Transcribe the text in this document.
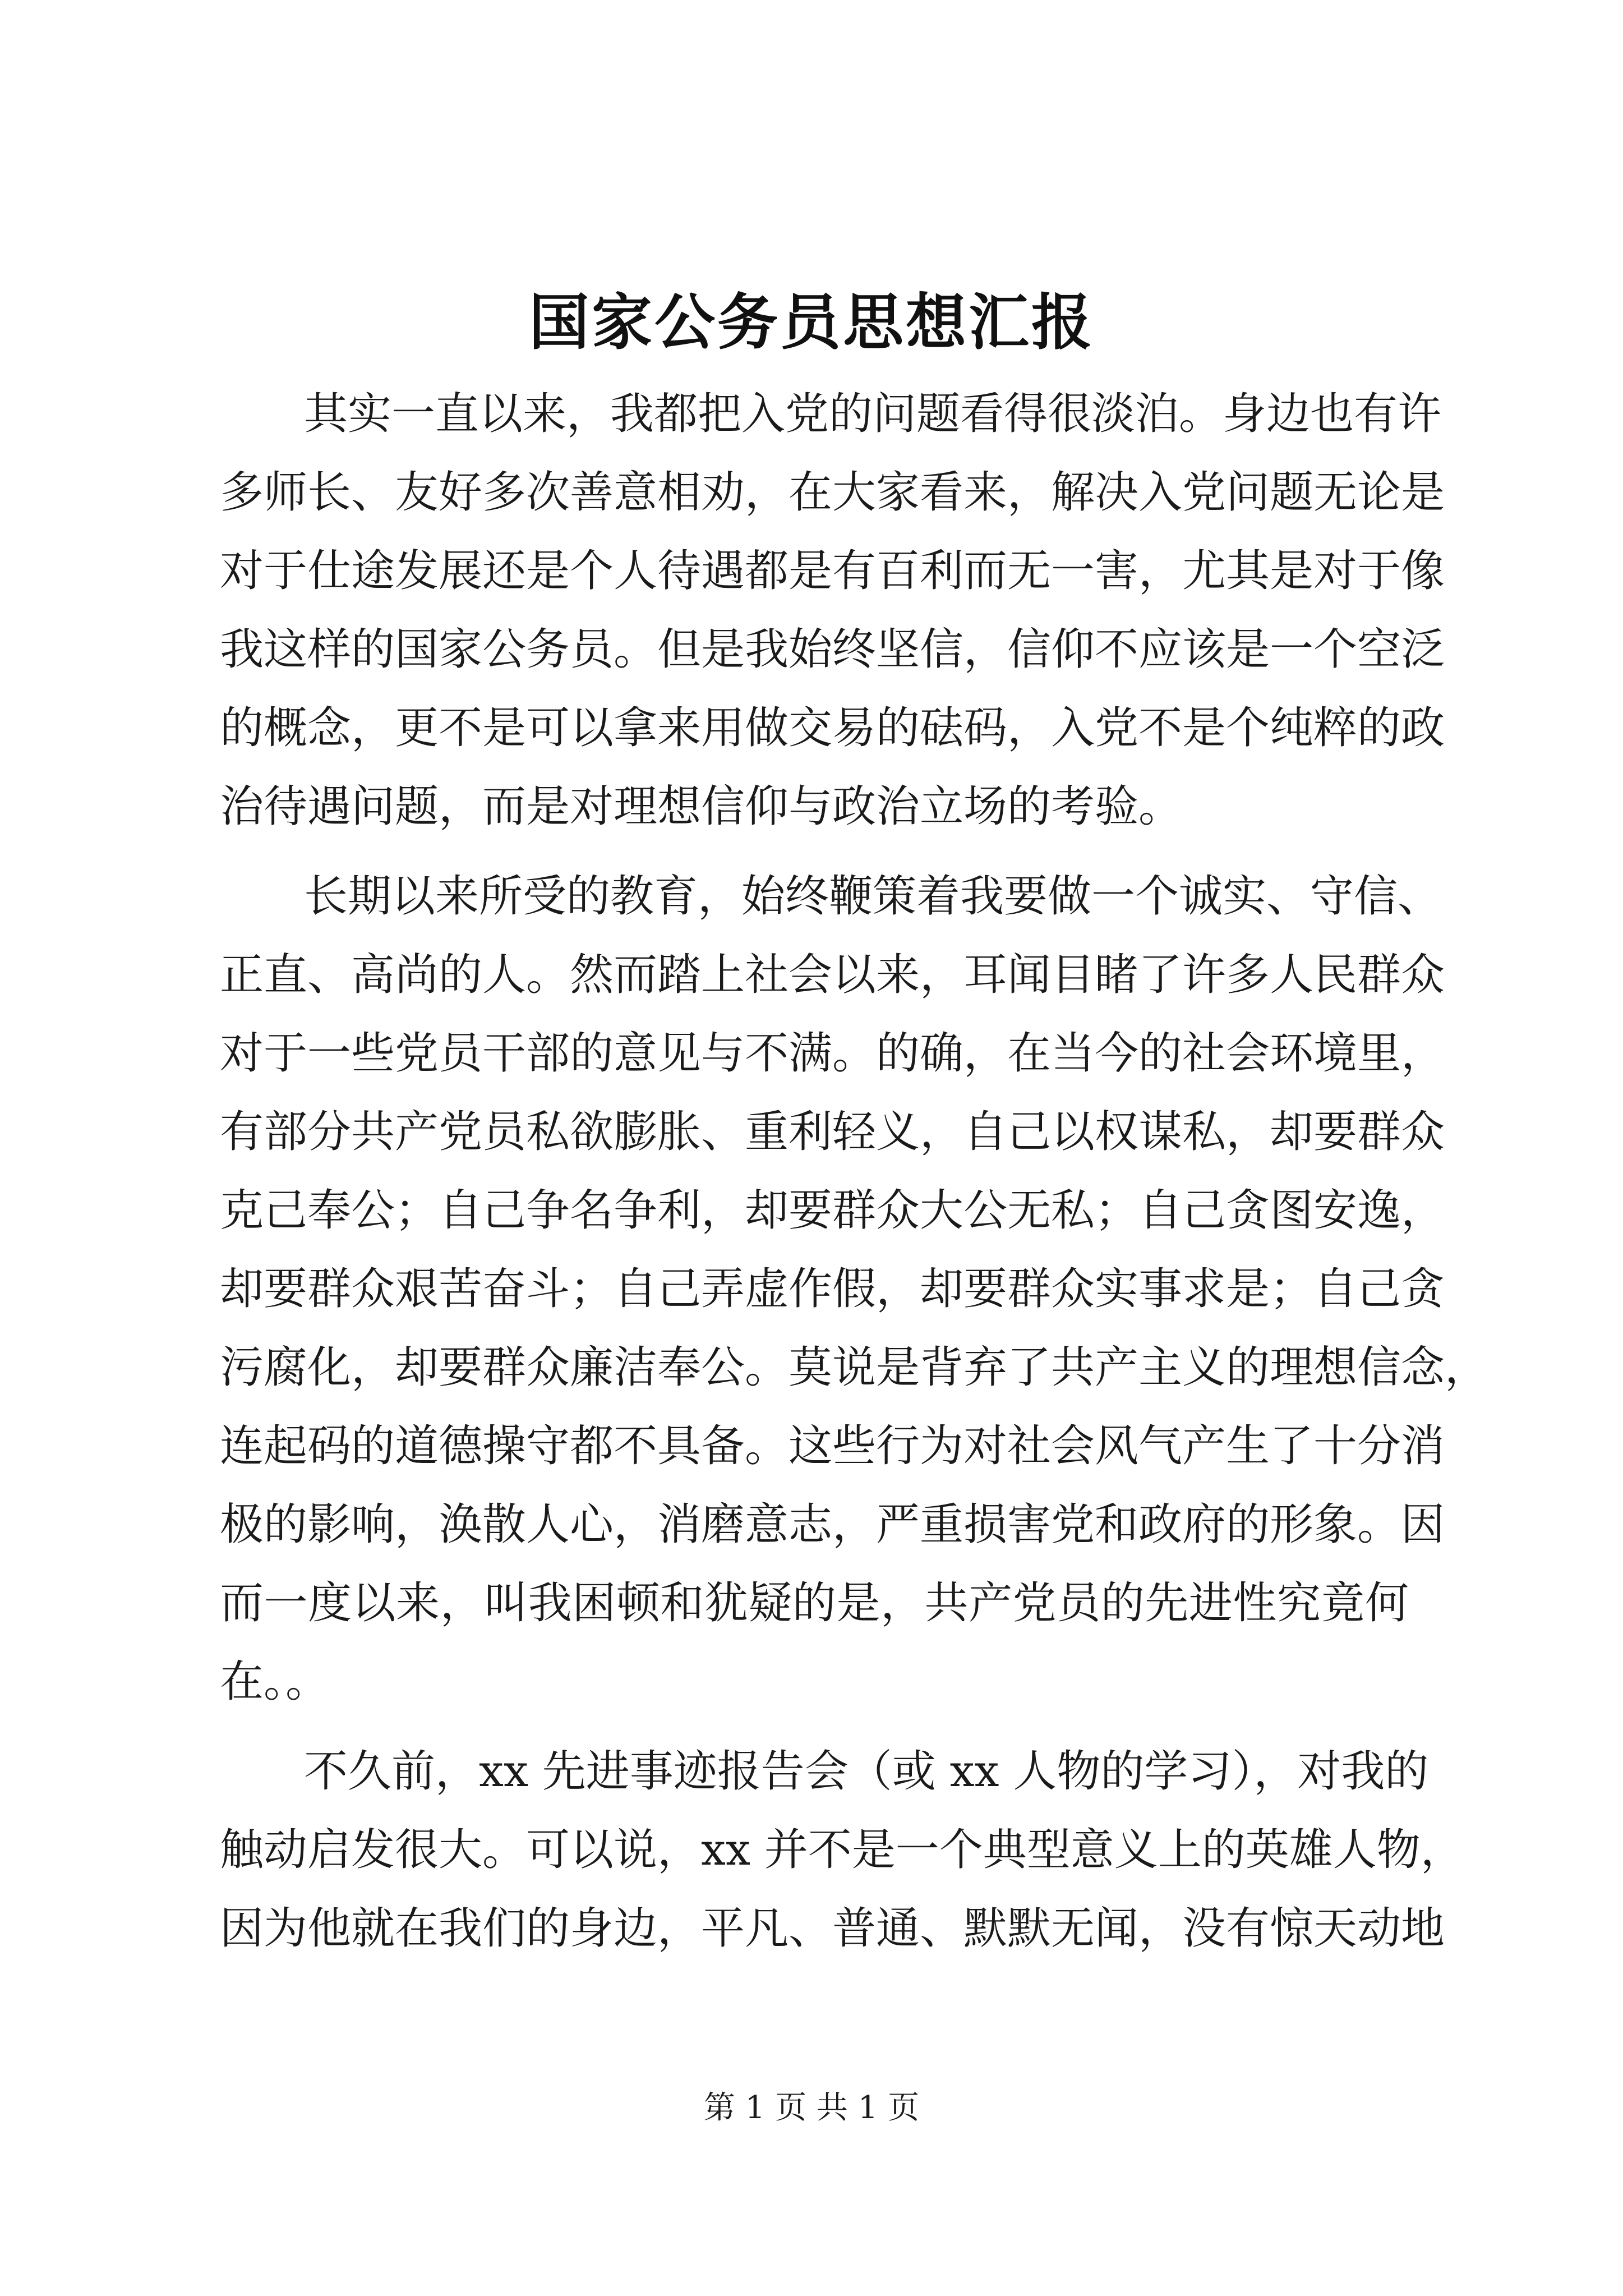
国家公务员思想汇报
其实一直以来，我都把入党的问题看得很淡泊。身边也有许
多师长、友好多次善意相劝，在大家看来，解决入党问题无论是
对于仕途发展还是个人待遇都是有百利而无一害，尤其是对于像
我这样的国家公务员。但是我始终坚信，信仰不应该是一个空泛
的概念，更不是可以拿来用做交易的砝码，入党不是个纯粹的政
治待遇问题，而是对理想信仰与政治立场的考验。
长期以来所受的教育，始终鞭策着我要做一个诚实、守信、
正直、高尚的人。然而踏上社会以来，耳闻目睹了许多人民群众
对于一些党员干部的意见与不满。的确，在当今的社会环境里，
有部分共产党员私欲膨胀、重利轻义，自己以权谋私，却要群众
克己奉公；自己争名争利，却要群众大公无私；自己贪图安逸，
却要群众艰苦奋斗；自己弄虚作假，却要群众实事求是；自己贪
污腐化，却要群众廉洁奉公。莫说是背弃了共产主义的理想信念，
连起码的道德操守都不具备。这些行为对社会风气产生了十分消
极的影响，涣散人心，消磨意志，严重损害党和政府的形象。因
而一度以来，叫我困顿和犹疑的是，共产党员的先进性究竟何
在。。
不久前，xx 先进事迹报告会（或 xx 人物的学习），对我的
触动启发很大。可以说，xx 并不是一个典型意义上的英雄人物，
因为他就在我们的身边，平凡、普通、默默无闻，没有惊天动地
第 1 页 共 1 页
